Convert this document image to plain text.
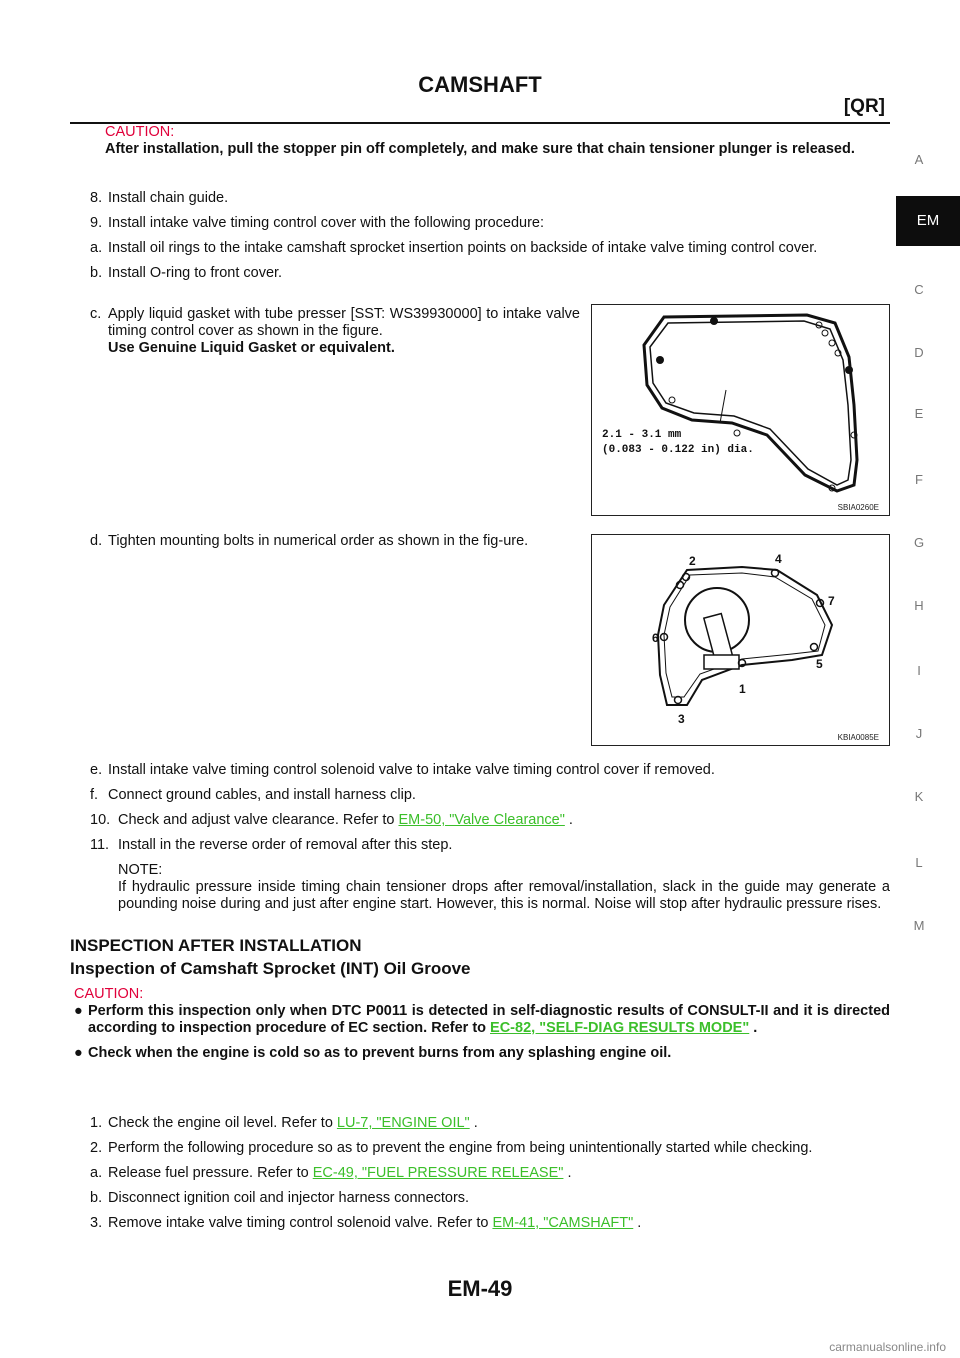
CAMSHAFT
[QR]
A
EM
C
D
E
F
G
H
I
J
K
L
M

CAUTION:

After installation, pull the stopper pin off completely, and make sure that chain tensioner plunger is released.

8. Install chain guide.
9. Install intake valve timing control cover with the following procedure:
a. Install oil rings to the intake camshaft sprocket insertion points on backside of intake valve timing control cover.
b. Install O-ring to front cover.
c. Apply liquid gasket with tube presser [SST: WS39930000] to intake valve timing control cover as shown in the figure.
Use Genuine Liquid Gasket or equivalent.
2.1 - 3.1 mm
(0.083 - 0.122 in) dia.
SBIA0260E
d. Tighten mounting bolts in numerical order as shown in the fig-ure.
1
2
3
4
5
6
7
KBIA0085E
e. Install intake valve timing control solenoid valve to intake valve timing control cover if removed.
f. Connect ground cables, and install harness clip.
10. Check and adjust valve clearance. Refer to EM-50, "Valve Clearance" .
11. Install in the reverse order of removal after this step.
NOTE:
If hydraulic pressure inside timing chain tensioner drops after removal/installation, slack in the guide may generate a pounding noise during and just after engine start. However, this is normal. Noise will stop after hydraulic pressure rises.
INSPECTION AFTER INSTALLATION
Inspection of Camshaft Sprocket (INT) Oil Groove

CAUTION:

● Perform this inspection only when DTC P0011 is detected in self-diagnostic results of CONSULT-II and it is directed according to inspection procedure of EC section. Refer to EC-82, "SELF-DIAG RESULTS MODE" .
● Check when the engine is cold so as to prevent burns from any splashing engine oil.
1. Check the engine oil level. Refer to LU-7, "ENGINE OIL" .
2. Perform the following procedure so as to prevent the engine from being unintentionally started while checking.
a. Release fuel pressure. Refer to EC-49, "FUEL PRESSURE RELEASE" .
b. Disconnect ignition coil and injector harness connectors.
3. Remove intake valve timing control solenoid valve. Refer to EM-41, "CAMSHAFT" .
EM-49
carmanualsonline.info
